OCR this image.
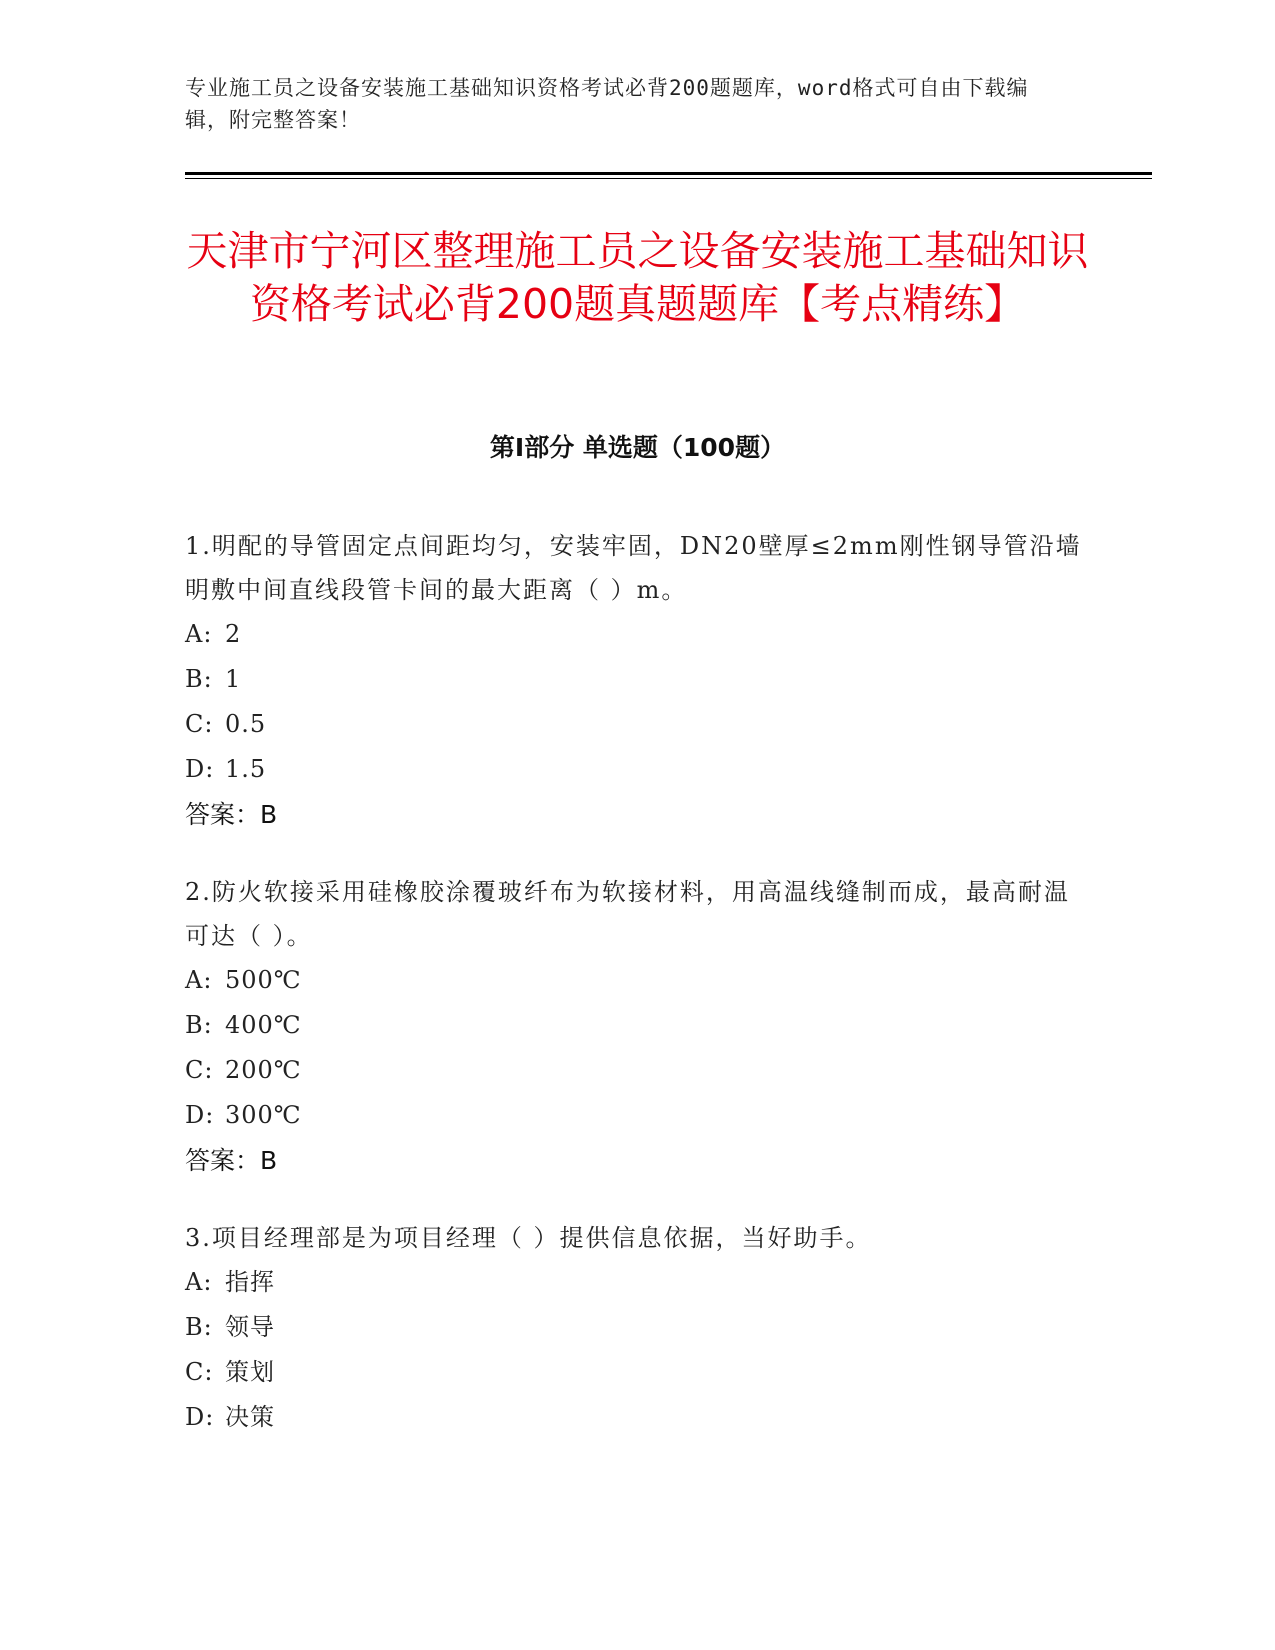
专业施工员之设备安装施工基础知识资格考试必背200题题库，word格式可自由下载编辑，附完整答案！
天津市宁河区整理施工员之设备安装施工基础知识资格考试必背200题真题题库【考点精练】
第I部分 单选题（100题）

1.明配的导管固定点间距均匀，安装牢固，DN20壁厚≤2mm刚性钢导管沿墙明敷中间直线段管卡间的最大距离（ ）m。

A: 2

B: 1

C: 0.5

D: 1.5

答案：B

2.防火软接采用硅橡胶涂覆玻纤布为软接材料，用高温线缝制而成，最高耐温可达（ ）。

A: 500℃

B: 400℃

C: 200℃

D: 300℃

答案：B

3.项目经理部是为项目经理（ ）提供信息依据，当好助手。

A: 指挥

B: 领导

C: 策划

D: 决策
